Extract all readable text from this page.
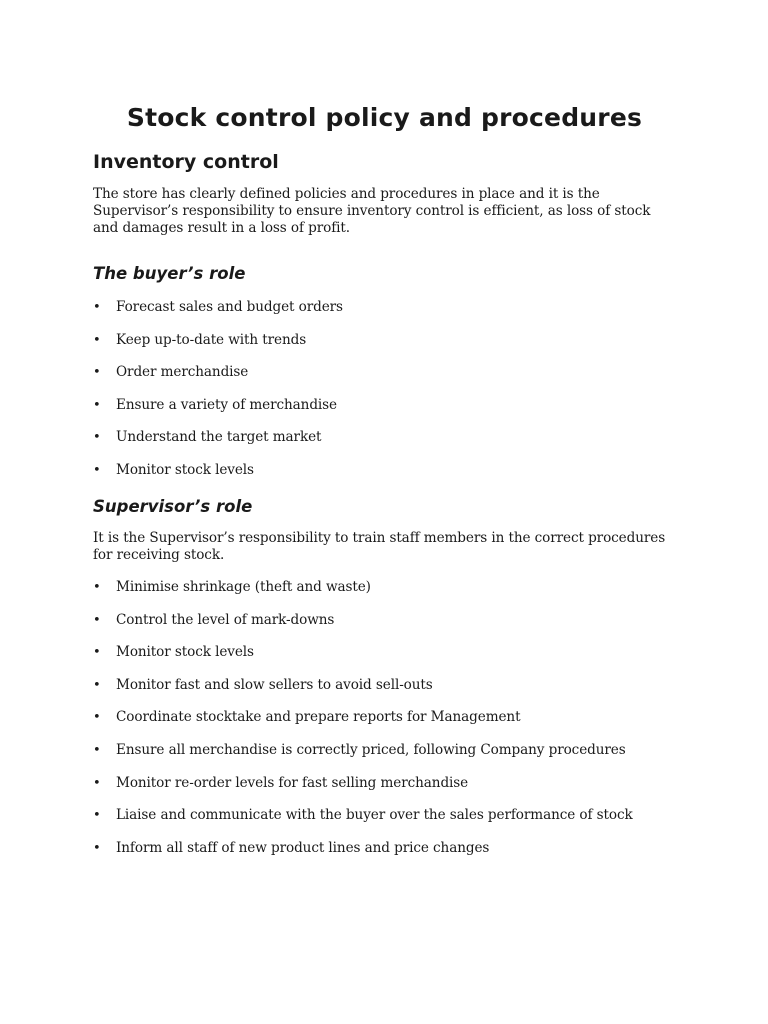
Stock control policy and procedures
Inventory control

The store has clearly defined policies and procedures in place and it is the Supervisor’s responsibility to ensure inventory control is efficient, as loss of stock and damages result in a loss of profit.

The buyer’s role
• Forecast sales and budget orders
• Keep up-to-date with trends
• Order merchandise
• Ensure a variety of merchandise
• Understand the target market
• Monitor stock levels
Supervisor’s role

It is the Supervisor’s responsibility to train staff members in the correct procedures for receiving stock.

• Minimise shrinkage (theft and waste)
• Control the level of mark-downs
• Monitor stock levels
• Monitor fast and slow sellers to avoid sell-outs
• Coordinate stocktake and prepare reports for Management
• Ensure all merchandise is correctly priced, following Company procedures
• Monitor re-order levels for fast selling merchandise
• Liaise and communicate with the buyer over the sales performance of stock
• Inform all staff of new product lines and price changes
